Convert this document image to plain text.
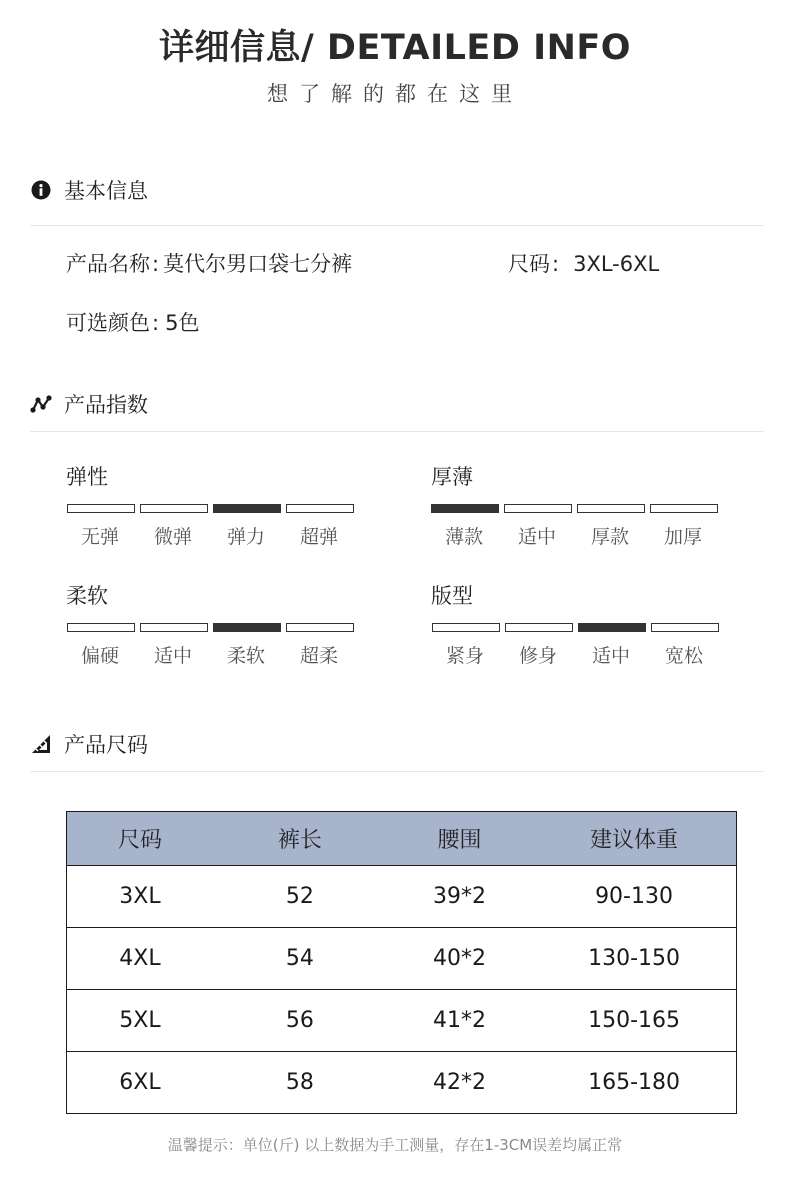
详细信息/ DETAILED INFO
想了解的都在这里
基本信息
产品名称: 莫代尔男口袋七分裤	尺码: 3XL-6XL
可选颜色: 5色
产品指数
弹性
无弹	微弹	弹力	超弹
厚薄
薄款	适中	厚款	加厚
柔软
偏硬	适中	柔软	超柔
版型
紧身	修身	适中	宽松
产品尺码
尺码	裤长	腰围	建议体重
3XL	52	39*2	90-130
4XL	54	40*2	130-150
5XL	56	41*2	150-165
6XL	58	42*2	165-180
温馨提示：单位(斤) 以上数据为手工测量，存在1-3CM误差均属正常
